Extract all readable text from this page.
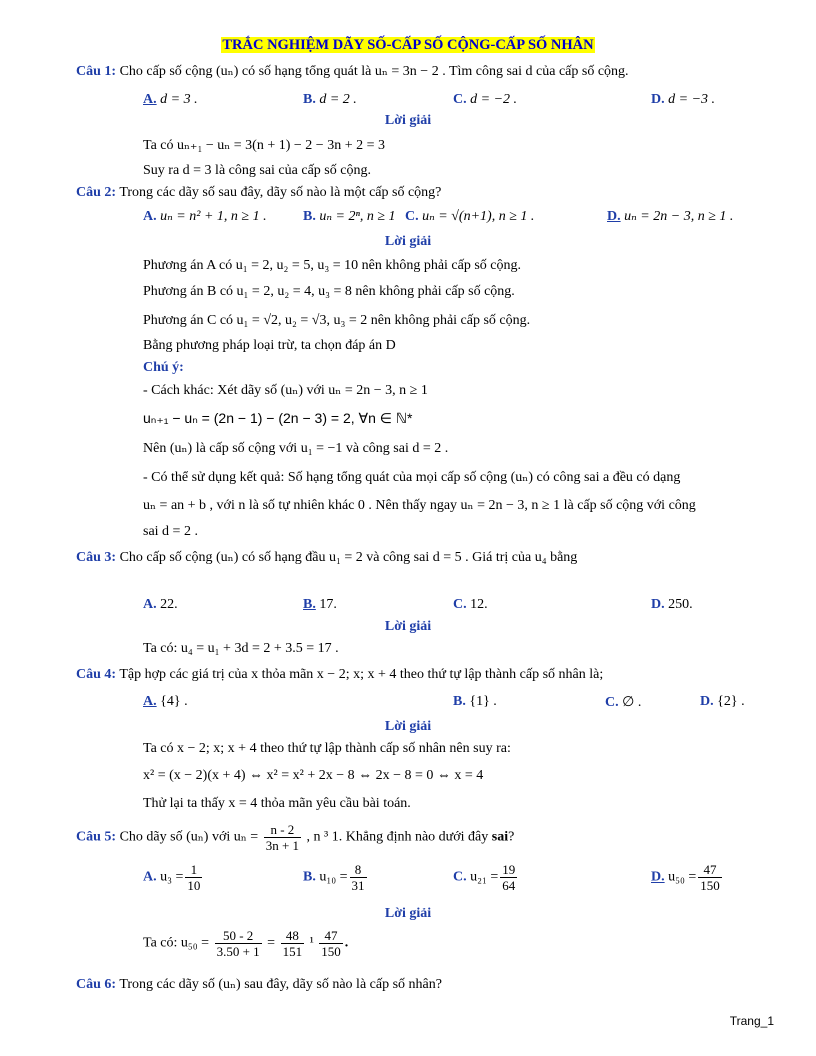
TRẮC NGHIỆM DÃY SỐ-CẤP SỐ CỘNG-CẤP SỐ NHÂN
Câu 1: Cho cấp số cộng (uₙ) có số hạng tổng quát là uₙ = 3n − 2 . Tìm công sai d của cấp số cộng.
A. d = 3 .	B. d = 2 .	C. d = −2 .	D. d = −3 .
Lời giải
Ta có uₙ₊₁ − uₙ = 3(n + 1) − 2 − 3n + 2 = 3
Suy ra d = 3 là công sai của cấp số cộng.
Câu 2: Trong các dãy số sau đây, dãy số nào là một cấp số cộng?
A. uₙ = n² + 1, n ≥ 1 .	B. uₙ = 2ⁿ, n ≥ 1 C. uₙ = √(n+1), n ≥ 1 .	D. uₙ = 2n − 3, n ≥ 1 .
Lời giải
Phương án A có u₁ = 2, u₂ = 5, u₃ = 10 nên không phải cấp số cộng.
Phương án B có u₁ = 2, u₂ = 4, u₃ = 8 nên không phải cấp số cộng.
Phương án C có u₁ = √2, u₂ = √3, u₃ = 2 nên không phải cấp số cộng.
Bằng phương pháp loại trừ, ta chọn đáp án D
Chú ý:
- Cách khác: Xét dãy số (uₙ) với uₙ = 2n − 3, n ≥ 1
uₙ₊₁ − uₙ = (2n − 1) − (2n − 3) = 2, ∀n ∈ ℕ*
Nên (uₙ) là cấp số cộng với u₁ = −1 và công sai d = 2 .
- Có thể sử dụng kết quả: Số hạng tổng quát của mọi cấp số cộng (uₙ) có công sai a đều có dạng
uₙ = an + b , với n là số tự nhiên khác 0 . Nên thấy ngay uₙ = 2n − 3, n ≥ 1 là cấp số cộng với công
sai d = 2 .
Câu 3: Cho cấp số cộng (uₙ) có số hạng đầu u₁ = 2 và công sai d = 5 . Giá trị của u₄ bằng
A. 22.	B. 17.	C. 12.	D. 250.
Lời giải
Ta có: u₄ = u₁ + 3d = 2 + 3.5 = 17 .
Câu 4: Tập hợp các giá trị của x thỏa mãn x − 2; x; x + 4 theo thứ tự lập thành cấp số nhân là;
A. {4} .	B. {1} .	C. ∅ .	D. {2} .
Lời giải
Ta có x − 2; x; x + 4 theo thứ tự lập thành cấp số nhân nên suy ra:
x² = (x − 2)(x + 4) ⇔ x² = x² + 2x − 8 ⇔ 2x − 8 = 0 ⇔ x = 4
Thử lại ta thấy x = 4 thỏa mãn yêu cầu bài toán.
Câu 5: Cho dãy số (uₙ) với $u_n = \frac{n - 2}{3n + 1}$ , n ³ 1. Khẳng định nào dưới đây sai?
A. $u_3 = \frac{1}{10}$	B. $u_{10} = \frac{8}{31}$	C. $u_{21} = \frac{19}{64}$	D. $u_{50} = \frac{47}{150}$
Lời giải
Ta có: $u_{50} = \frac{50 - 2}{3.50 + 1} = \frac{48}{151} ^1 \frac{47}{150}$ .
Câu 6: Trong các dãy số (uₙ) sau đây, dãy số nào là cấp số nhân?
Trang_1
